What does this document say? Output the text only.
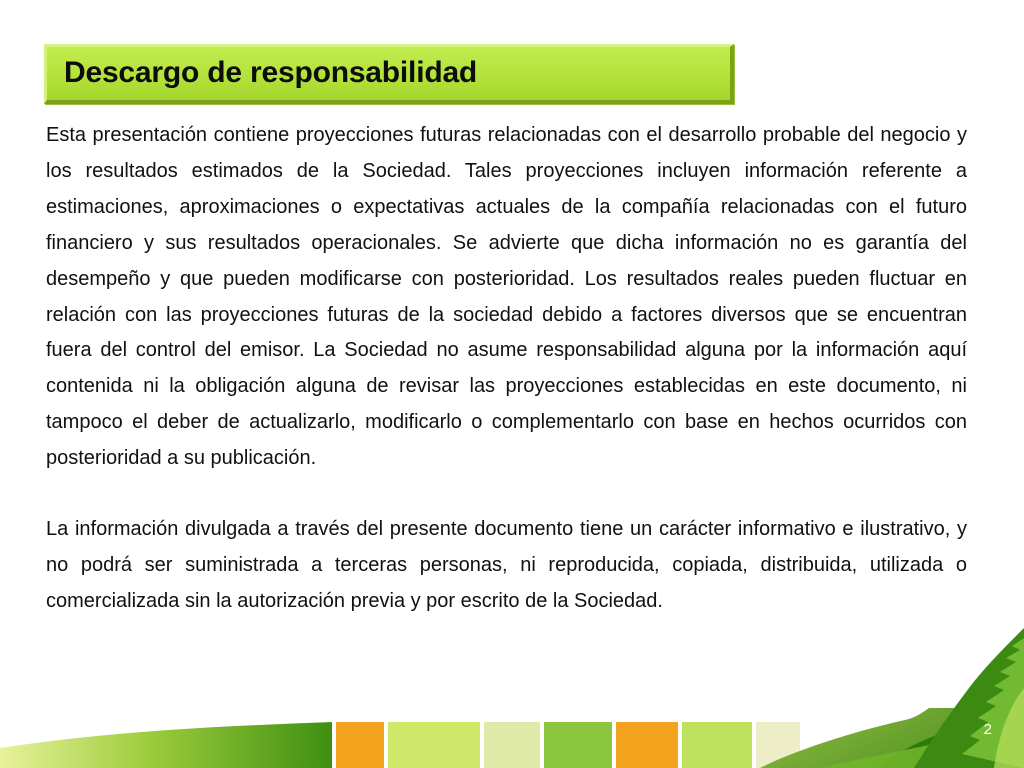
Descargo de responsabilidad

Esta presentación contiene proyecciones futuras relacionadas con el desarrollo probable del negocio y los resultados estimados de la Sociedad. Tales proyecciones incluyen información referente a estimaciones, aproximaciones o expectativas actuales de la compañía relacionadas con el futuro financiero y sus resultados operacionales. Se advierte que dicha información no es garantía del desempeño y que pueden modificarse con posterioridad. Los resultados reales pueden fluctuar en relación con las proyecciones futuras de la sociedad debido a factores diversos que se encuentran fuera del control del emisor. La Sociedad no asume responsabilidad alguna por la información aquí contenida ni la obligación alguna de revisar las proyecciones establecidas en este documento, ni tampoco el deber de actualizarlo, modificarlo o complementarlo con base en hechos ocurridos con posterioridad a su publicación.

La información divulgada a través del presente documento tiene un carácter informativo e ilustrativo, y no podrá ser suministrada a terceras personas, ni reproducida, copiada, distribuida, utilizada o comercializada sin la autorización previa y por escrito de la Sociedad.

2
